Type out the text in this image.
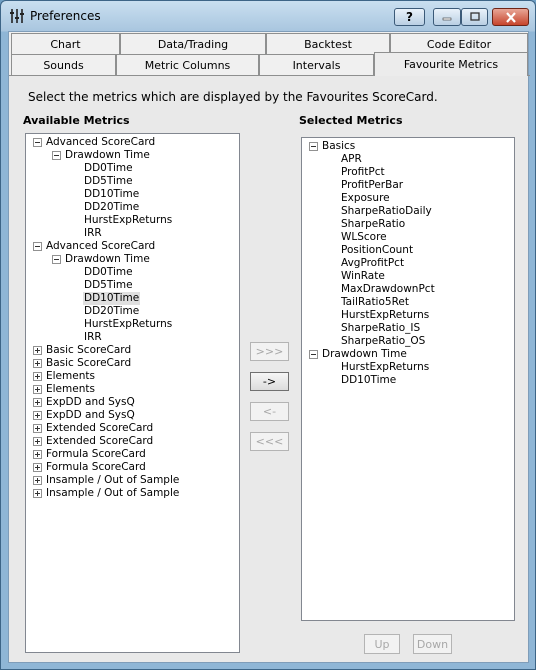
Preferences	?
Chart	Data/Trading	Backtest	Code Editor
Sounds	Metric Columns	Intervals	Favourite Metrics
Select the metrics which are displayed by the Favourites ScoreCard.
Available Metrics	Selected Metrics
Advanced ScoreCard
Drawdown Time
DD0Time
DD5Time
DD10Time
DD20Time
HurstExpReturns
IRR
Advanced ScoreCard
Drawdown Time
DD0Time
DD5Time
DD10Time
DD20Time
HurstExpReturns
IRR
Basic ScoreCard
Basic ScoreCard
Elements
Elements
ExpDD and SysQ
ExpDD and SysQ
Extended ScoreCard
Extended ScoreCard
Formula ScoreCard
Formula ScoreCard
Insample / Out of Sample
Insample / Out of Sample
Basics
APR
ProfitPct
ProfitPerBar
Exposure
SharpeRatioDaily
SharpeRatio
WLScore
PositionCount
AvgProfitPct
WinRate
MaxDrawdownPct
TailRatio5Ret
HurstExpReturns
SharpeRatio_IS
SharpeRatio_OS
Drawdown Time
HurstExpReturns
DD10Time
>>>
->
<-
<<<
Up Down
